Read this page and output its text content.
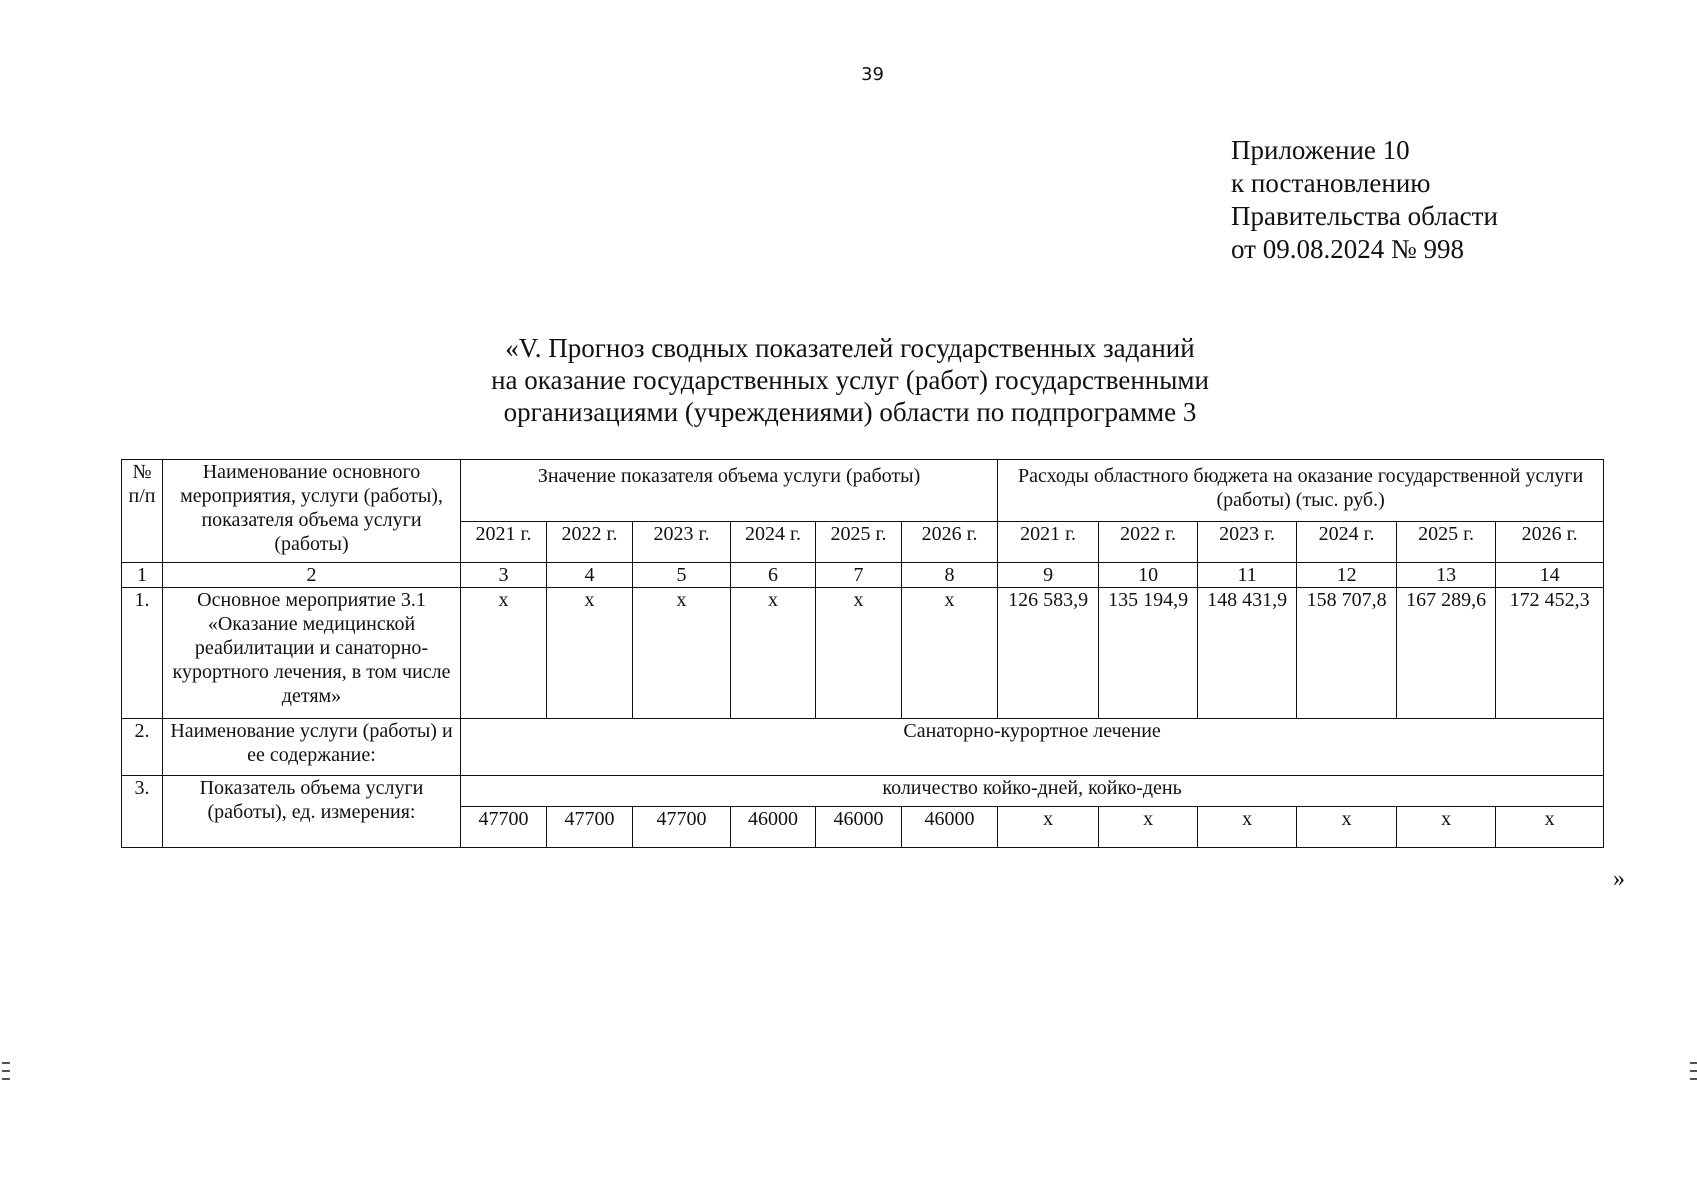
39
Приложение 10
к постановлению
Правительства области
от 09.08.2024 № 998
«V. Прогноз сводных показателей государственных заданий
на оказание государственных услуг (работ) государственными
организациями (учреждениями) области по подпрограмме 3
№ п/п	Наименование основного мероприятия, услуги (работы), показателя объема услуги (работы)	Значение показателя объема услуги (работы)						Расходы областного бюджета на оказание государственной услуги (работы) (тыс. руб.)					
		2021 г.	2022 г.	2023 г.	2024 г.	2025 г.	2026 г.	2021 г.	2022 г.	2023 г.	2024 г.	2025 г.	2026 г.
1	2	3	4	5	6	7	8	9	10	11	12	13	14
1.	Основное мероприятие 3.1 «Оказание медицинской реабилитации и санаторно-курортного лечения, в том числе детям»	х	х	х	х	х	х	126 583,9	135 194,9	148 431,9	158 707,8	167 289,6	172 452,3
2.	Наименование услуги (работы) и ее содержание:	Санаторно-курортное лечение											
3.	Показатель объема услуги (работы), ед. измерения:	количество койко-дней, койко-день											
		47700	47700	47700	46000	46000	46000	х	х	х	х	х	х
»
